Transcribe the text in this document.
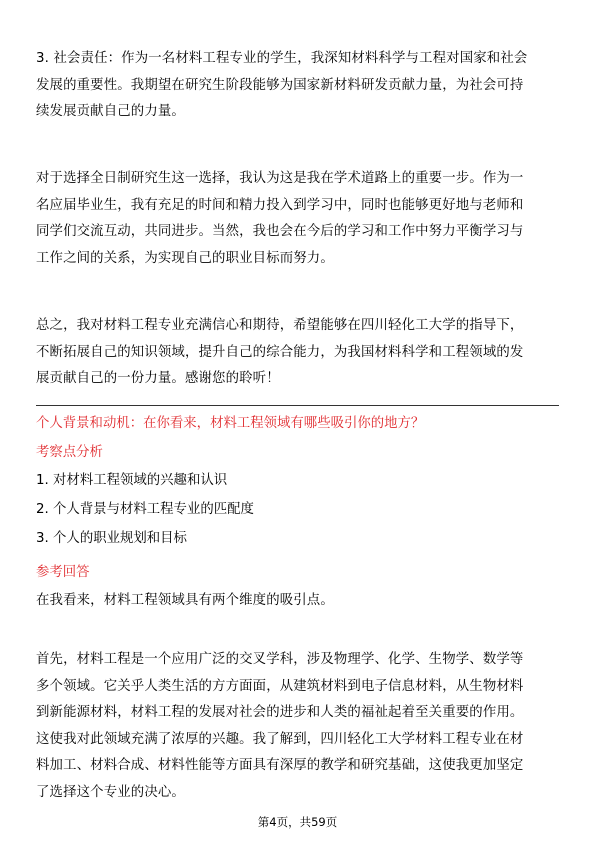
3. 社会责任：作为一名材料工程专业的学生，我深知材料科学与工程对国家和社会
发展的重要性。我期望在研究生阶段能够为国家新材料研发贡献力量，为社会可持
续发展贡献自己的力量。
对于选择全日制研究生这一选择，我认为这是我在学术道路上的重要一步。作为一
名应届毕业生，我有充足的时间和精力投入到学习中，同时也能够更好地与老师和
同学们交流互动，共同进步。当然，我也会在今后的学习和工作中努力平衡学习与
工作之间的关系，为实现自己的职业目标而努力。
总之，我对材料工程专业充满信心和期待，希望能够在四川轻化工大学的指导下，
不断拓展自己的知识领域，提升自己的综合能力，为我国材料科学和工程领域的发
展贡献自己的一份力量。感谢您的聆听！
个人背景和动机：在你看来，材料工程领域有哪些吸引你的地方？
考察点分析
1. 对材料工程领域的兴趣和认识
2. 个人背景与材料工程专业的匹配度
3. 个人的职业规划和目标
参考回答
在我看来，材料工程领域具有两个维度的吸引点。
首先，材料工程是一个应用广泛的交叉学科，涉及物理学、化学、生物学、数学等
多个领域。它关乎人类生活的方方面面，从建筑材料到电子信息材料，从生物材料
到新能源材料，材料工程的发展对社会的进步和人类的福祉起着至关重要的作用。
这使我对此领域充满了浓厚的兴趣。我了解到，四川轻化工大学材料工程专业在材
料加工、材料合成、材料性能等方面具有深厚的教学和研究基础，这使我更加坚定
了选择这个专业的决心。
第4页，共59页
